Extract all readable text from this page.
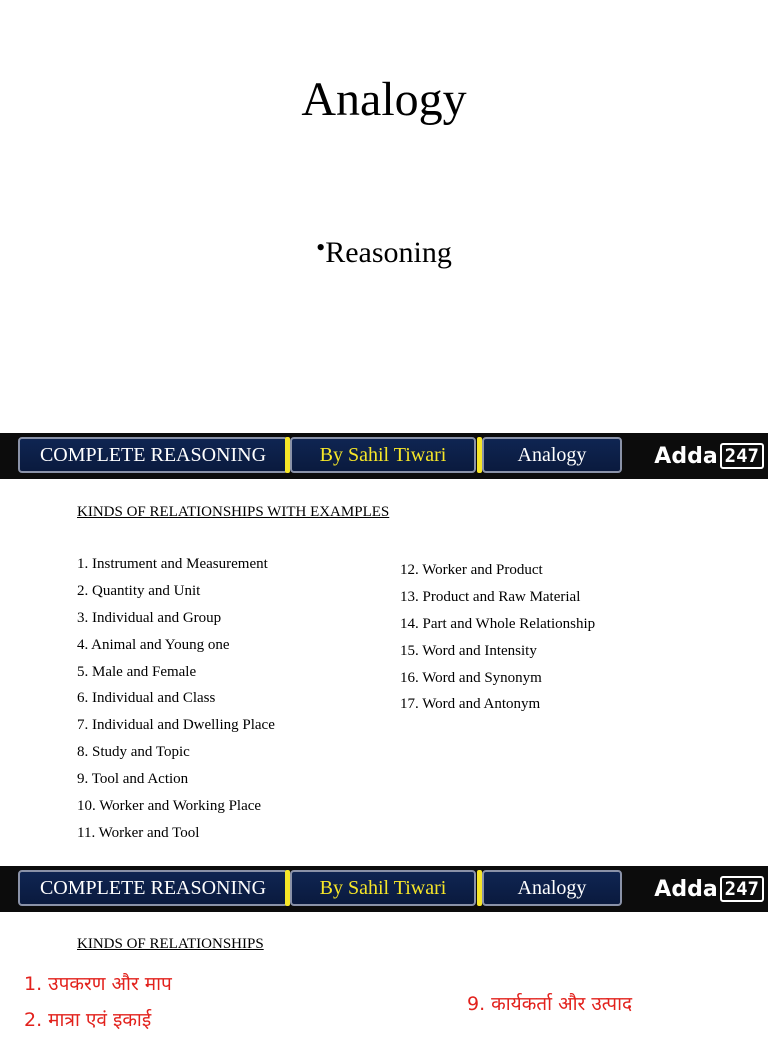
Analogy
•Reasoning
COMPLETE REASONING	By Sahil Tiwari	Analogy	Adda 247
KINDS OF RELATIONSHIPS WITH EXAMPLES
1. Instrument and Measurement
2. Quantity and Unit
3. Individual and Group
4. Animal and Young one
5. Male and Female
6. Individual and Class
7. Individual and Dwelling Place
8. Study and Topic
9. Tool and Action
10. Worker and Working Place
11. Worker and Tool
12. Worker and Product
13. Product and Raw Material
14. Part and Whole Relationship
15. Word and Intensity
16. Word and Synonym
17. Word and Antonym
COMPLETE REASONING	By Sahil Tiwari	Analogy	Adda 247
KINDS OF RELATIONSHIPS
1. उपकरण और माप
2. मात्रा एवं इकाई
9. कार्यकर्ता और उत्पाद
